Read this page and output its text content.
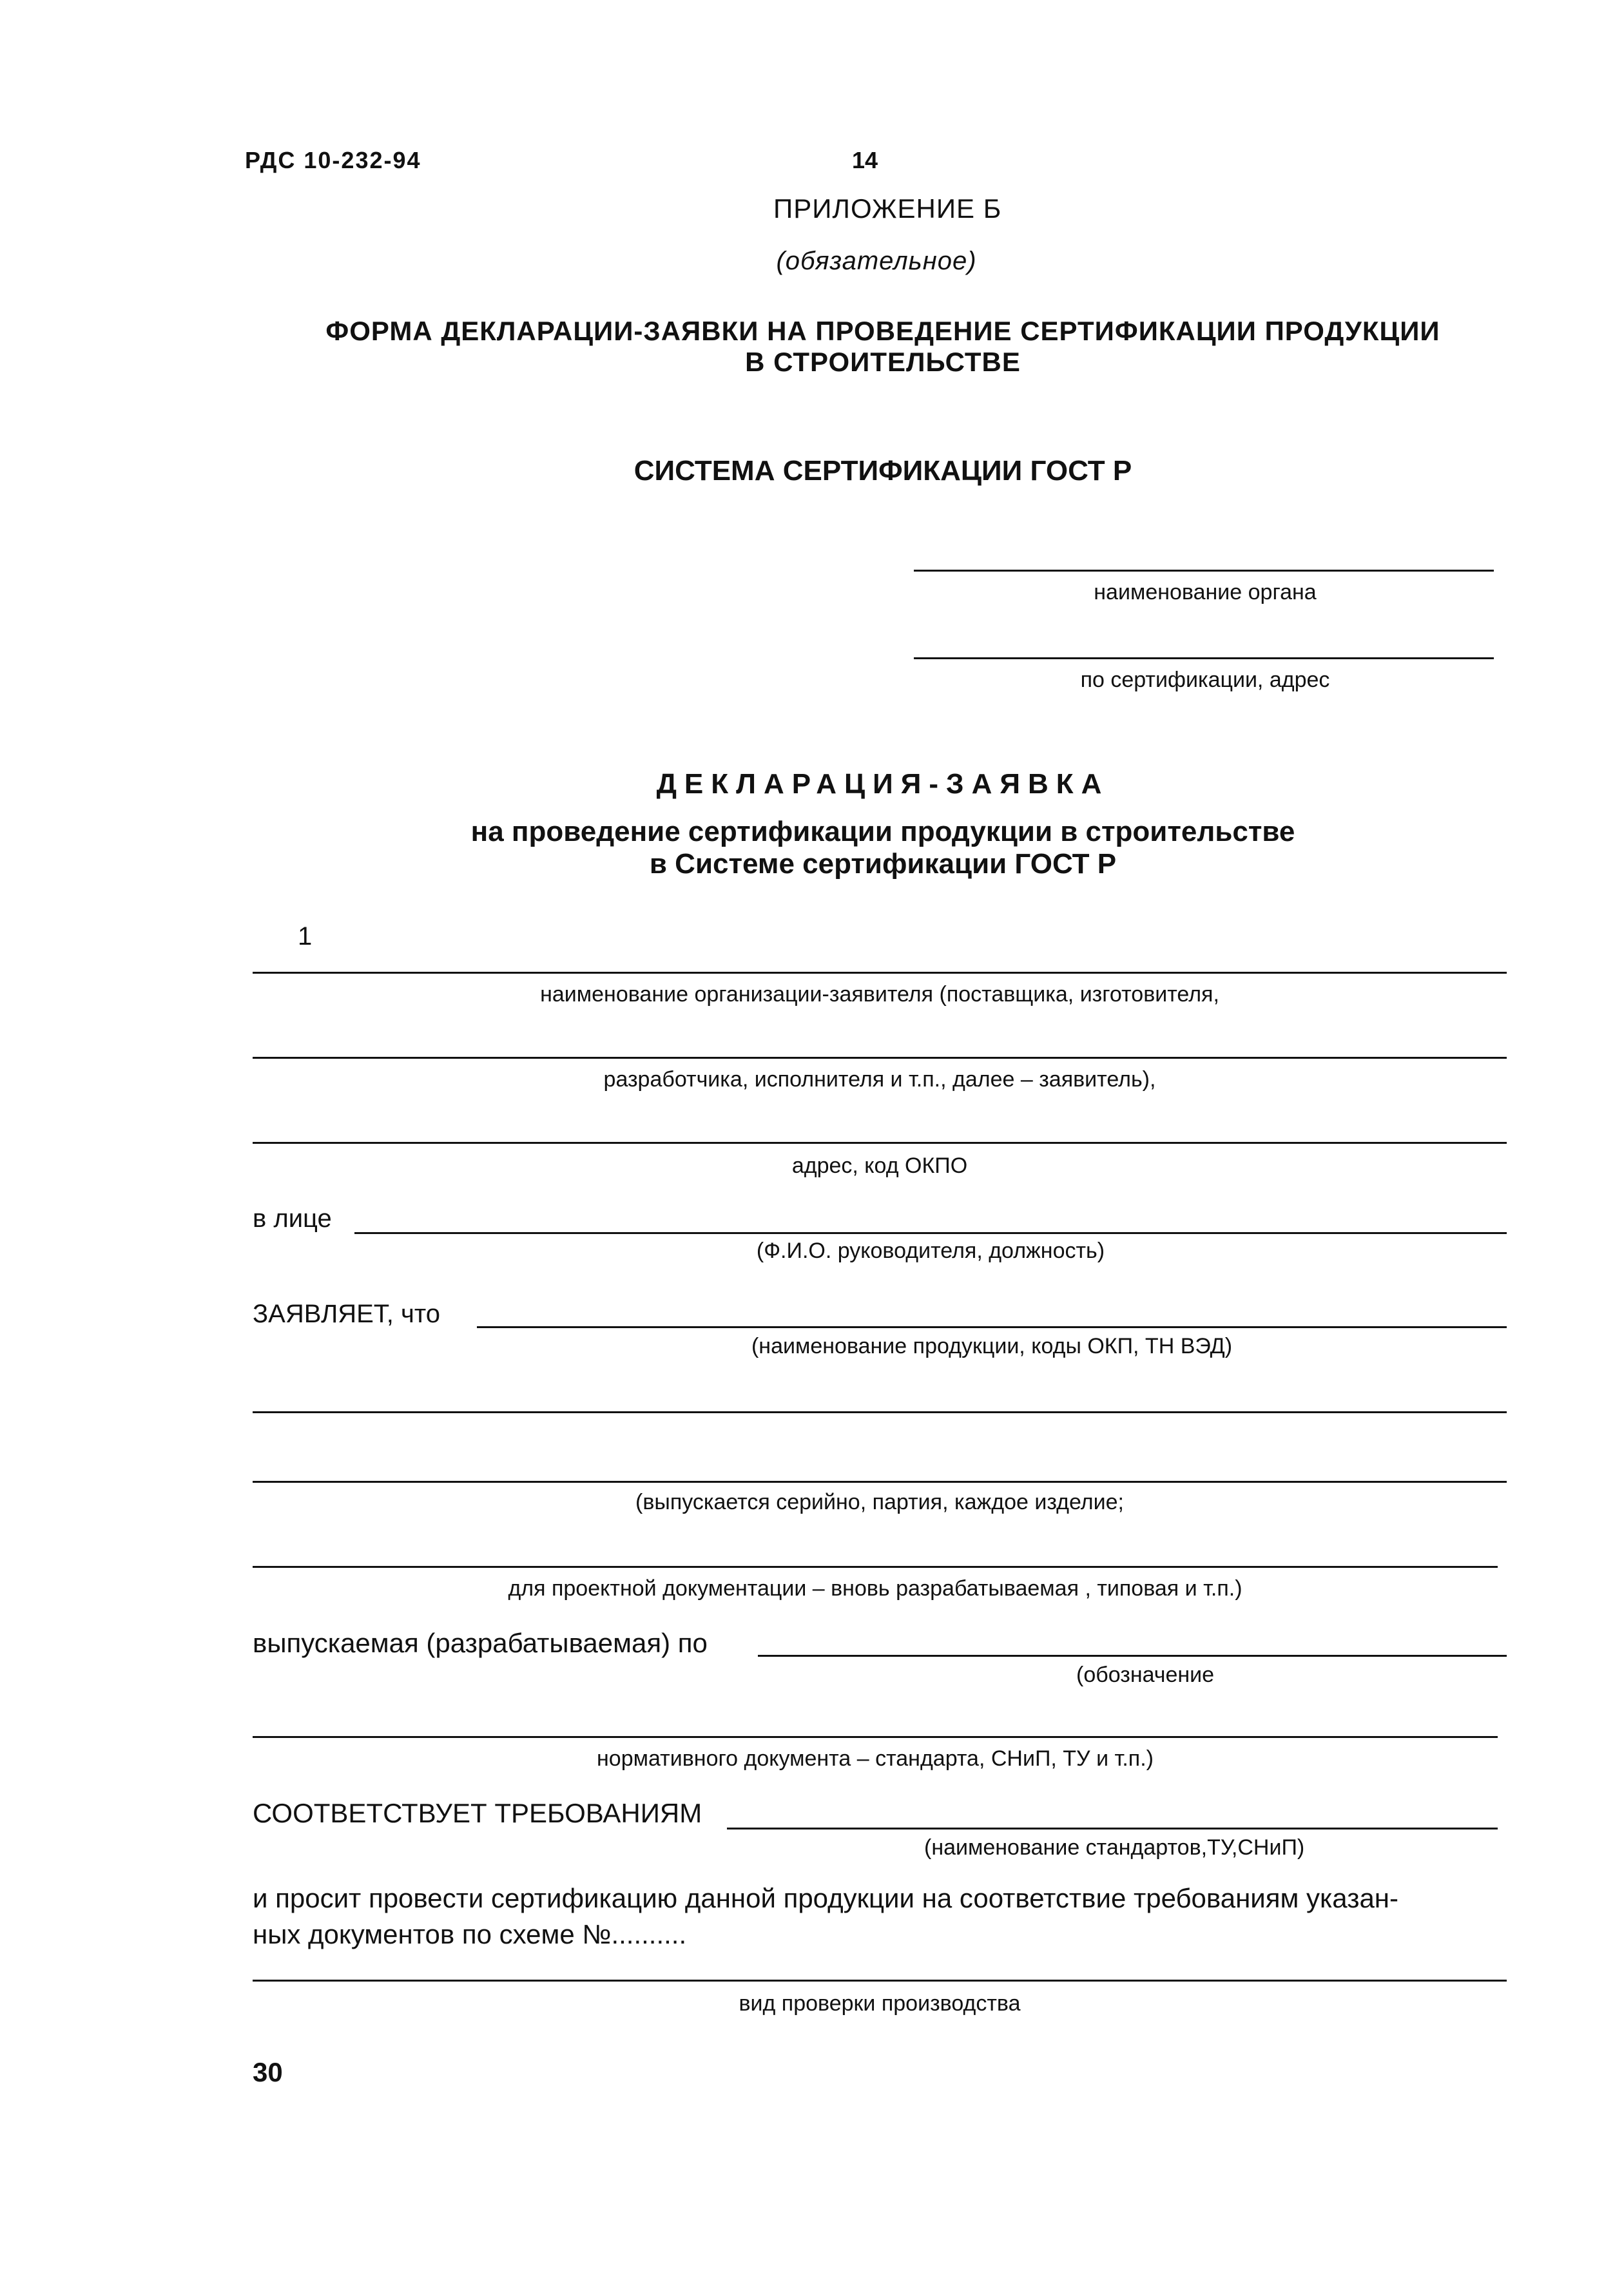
РДС 10-232-94	14
ПРИЛОЖЕНИЕ Б
(обязательное)
ФОРМА ДЕКЛАРАЦИИ-ЗАЯВКИ НА ПРОВЕДЕНИЕ СЕРТИФИКАЦИИ ПРОДУКЦИИ
В СТРОИТЕЛЬСТВЕ
СИСТЕМА СЕРТИФИКАЦИИ ГОСТ Р
наименование органа
по сертификации, адрес
ДЕКЛАРАЦИЯ-ЗАЯВКА
на проведение сертификации продукции в строительстве
в Системе сертификации ГОСТ Р
1
наименование организации-заявителя (поставщика, изготовителя,
разработчика, исполнителя и т.п., далее – заявитель),
адрес, код ОКПО
в лице
(Ф.И.О. руководителя, должность)
ЗАЯВЛЯЕТ, что
(наименование продукции, коды ОКП, ТН ВЭД)
(выпускается серийно, партия, каждое изделие;
для проектной документации – вновь разрабатываемая , типовая и т.п.)
выпускаемая (разрабатываемая) по
(обозначение
нормативного документа – стандарта, СНиП, ТУ и т.п.)
СООТВЕТСТВУЕТ ТРЕБОВАНИЯМ
(наименование стандартов,ТУ,СНиП)
и просит провести сертификацию данной продукции на соответствие требованиям указан-
ных документов по схеме №..........
вид проверки производства
30
